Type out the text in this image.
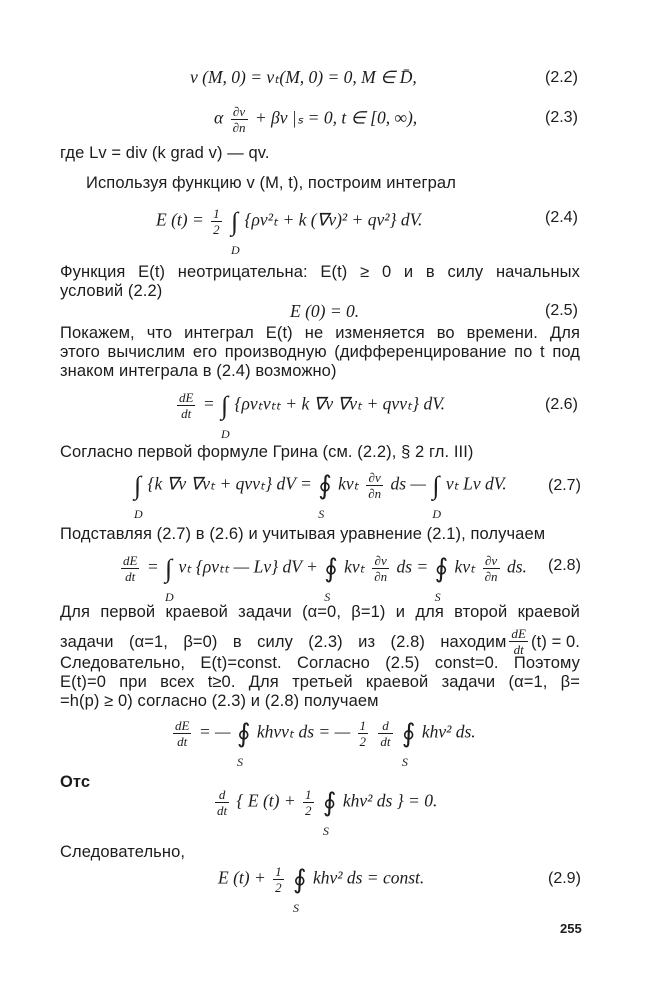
v (M, 0) = vₜ(M, 0) = 0, M ∈ D̄,	(2.2)
α $\frac{\partial v}{\partial n} + \beta v$ |ₛ = 0, t ∈ [0, ∞),	(2.3)
где Lv = div (k grad v) — qv.
Используя функцию v (M, t), построим интеграл
E $(t) = \frac{1}{2}$ ∫
D
{ρv²ₜ + k (∇v)² + qv²} dV.	(2.4)
Функция E(t) неотрицательна: E(t) ≥ 0 и в силу начальных
условий (2.2)
E (0) = 0.	(2.5)
Покажем, что интеграл E(t) не изменяется во времени. Для
этого вычислим его производную (дифференцирование по t под
знаком интеграла в (2.4) возможно)
$\frac{dE}{dt}$ = ∫
D
{ρvₜvₜₜ + k ∇v ∇vₜ + qvvₜ} dV.	(2.6)
Согласно первой формуле Грина (см. (2.2), § 2 гл. III)
∫
D
{k ∇v ∇vₜ + qvvₜ} dV = ∮
S
kvₜ $\frac{\partial v}{\partial n}$ ds — ∫
D
vₜ Lv dV.	(2.7)
Подставляя (2.7) в (2.6) и учитывая уравнение (2.1), получаем
$\frac{dE}{dt}$ = ∫
D
vₜ {ρvₜₜ — Lv} dV + ∮
S
kvₜ $\frac{\partial v}{\partial n}$ ds = ∮
S
kvₜ $\frac{\partial v}{\partial n}$ ds. (2.8)
Для первой краевой задачи (α=0, β=1) и для второй краевой
задачи (α=1, β=0) в силу (2.3) из (2.8) находим $\frac{dE}{dt} (t) = 0$.
Следовательно, E(t)=const. Согласно (2.5) const=0. Поэтому
E(t)=0 при всех t≥0. Для третьей краевой задачи (α=1, β=
=h(p) ≥ 0) согласно (2.3) и (2.8) получаем
$\frac{dE}{dt}$ = — ∮
S
khvvₜ ds = — $\frac{1}{2}$
$\frac{d}{dt}$ ∮
S
khv² ds.
Отс
$\frac{d}{dt}$ { E $(t) + \frac{1}{2}$ ∮
S
khv² ds } = 0.
Следовательно,
E $(t) + \frac{1}{2}$ ∮
S
khv² ds = const.	(2.9)
255
